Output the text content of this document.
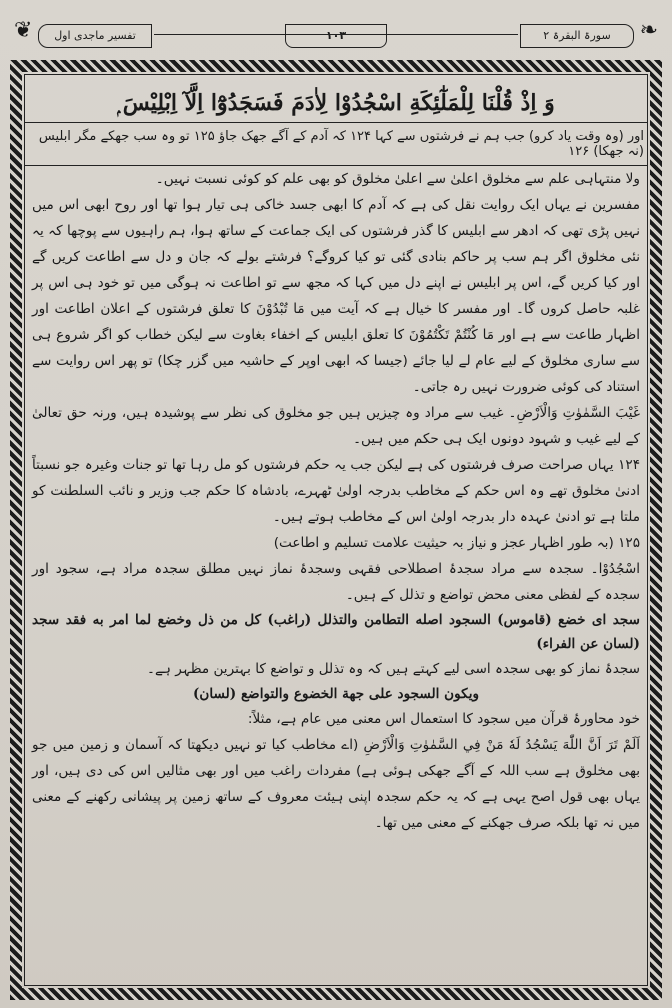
❦	تفسیر ماجدی اول	۱۰۳	سورۃ البقرۃ ۲	❧
وَ اِذْ قُلْنَا لِلْمَلٰٓئِكَةِ اسْجُدُوْا لِاٰدَمَ فَسَجَدُوْٓا اِلَّآ اِبْلِيْسَ ۭ
اور (وہ وقت یاد کرو) جب ہم نے فرشتوں سے کہا ۱۲۴ کہ آدم کے آگے جھک جاؤ ۱۲۵ تو وہ سب جھکے مگر ابلیس (نہ جھکا) ۱۲۶

ولا منتہاہی علم سے مخلوق اعلیٰ سے اعلیٰ مخلوق کو بھی علم کو کوئی نسبت نہیں۔

مفسرین نے یہاں ایک روایت نقل کی ہے کہ آدم کا ابھی جسد خاکی ہی تیار ہوا تھا اور روح ابھی اس میں نہیں پڑی تھی کہ ادھر سے ابلیس کا گذر فرشتوں کی ایک جماعت کے ساتھ ہوا، ہم راہیوں سے پوچھا کہ یہ نئی مخلوق اگر ہم سب پر حاکم بنادی گئی تو کیا کروگے؟ فرشتے بولے کہ جان و دل سے اطاعت کریں گے اور کیا کریں گے، اس پر ابلیس نے اپنے دل میں کہا کہ مجھ سے تو اطاعت نہ ہوگی میں تو خود ہی اس پر غلبہ حاصل کروں گا۔ اور مفسر کا خیال ہے کہ آیت میں مَا تُبْدُوْنَ کا تعلق فرشتوں کے اعلان اطاعت اور اظہار طاعت سے ہے اور مَا كُنْتُمْ تَكْتُمُوْنَ کا تعلق ابلیس کے اخفاء بغاوت سے لیکن خطاب کو اگر شروع ہی سے ساری مخلوق کے لیے عام لے لیا جائے (جیسا کہ ابھی اوپر کے حاشیہ میں گزر چکا) تو پھر اس روایت سے استناد کی کوئی ضرورت نہیں رہ جاتی۔

غَيْبَ السَّمٰوٰتِ وَالْاَرْضِ۔ غیب سے مراد وہ چیزیں ہیں جو مخلوق کی نظر سے پوشیدہ ہیں، ورنہ حق تعالیٰ کے لیے غیب و شہود دونوں ایک ہی حکم میں ہیں۔

۱۲۴ یہاں صراحت صرف فرشتوں کی ہے لیکن جب یہ حکم فرشتوں کو مل رہا تھا تو جنات وغیرہ جو نسبتاً ادنیٰ مخلوق تھے وہ اس حکم کے مخاطب بدرجہ اولیٰ ٹھہرے، بادشاہ کا حکم جب وزیر و نائب السلطنت کو ملتا ہے تو ادنیٰ عہدہ دار بدرجہ اولیٰ اس کے مخاطب ہوتے ہیں۔

۱۲۵ (بہ طور اظہار عجز و نیاز بہ حیثیت علامت تسلیم و اطاعت)

اسْجُدُوْا۔ سجدہ سے مراد سجدۂ اصطلاحی فقہی وسجدۂ نماز نہیں مطلق سجدہ مراد ہے، سجود اور سجدہ کے لفظی معنی محض تواضع و تذلل کے ہیں۔

سجد ای خضع (قاموس) السجود اصله التطامن والتذلل (راغب) كل من ذل وخضع لما امر به فقد سجد (لسان عن الفراء)

سجدۂ نماز کو بھی سجدہ اسی لیے کہتے ہیں کہ وہ تذلل و تواضع کا بہترین مظہر ہے۔

ويكون السجود على جهة الخضوع والتواضع (لسان)

خود محاورۂ قرآن میں سجود کا استعمال اس معنی میں عام ہے، مثلاً:

اَلَمْ تَرَ اَنَّ اللّٰهَ يَسْجُدُ لَهٗ مَنْ فِي السَّمٰوٰتِ وَالْاَرْضِ (اے مخاطب کیا تو نہیں دیکھتا کہ آسمان و زمین میں جو بھی مخلوق ہے سب اللہ کے آگے جھکی ہوئی ہے) مفردات راغب میں اور بھی مثالیں اس کی دی ہیں، اور یہاں بھی قول اصح یہی ہے کہ یہ حکم سجدہ اپنی ہیئت معروف کے ساتھ زمین پر پیشانی رکھنے کے معنی میں نہ تھا بلکہ صرف جھکنے کے معنی میں تھا۔
